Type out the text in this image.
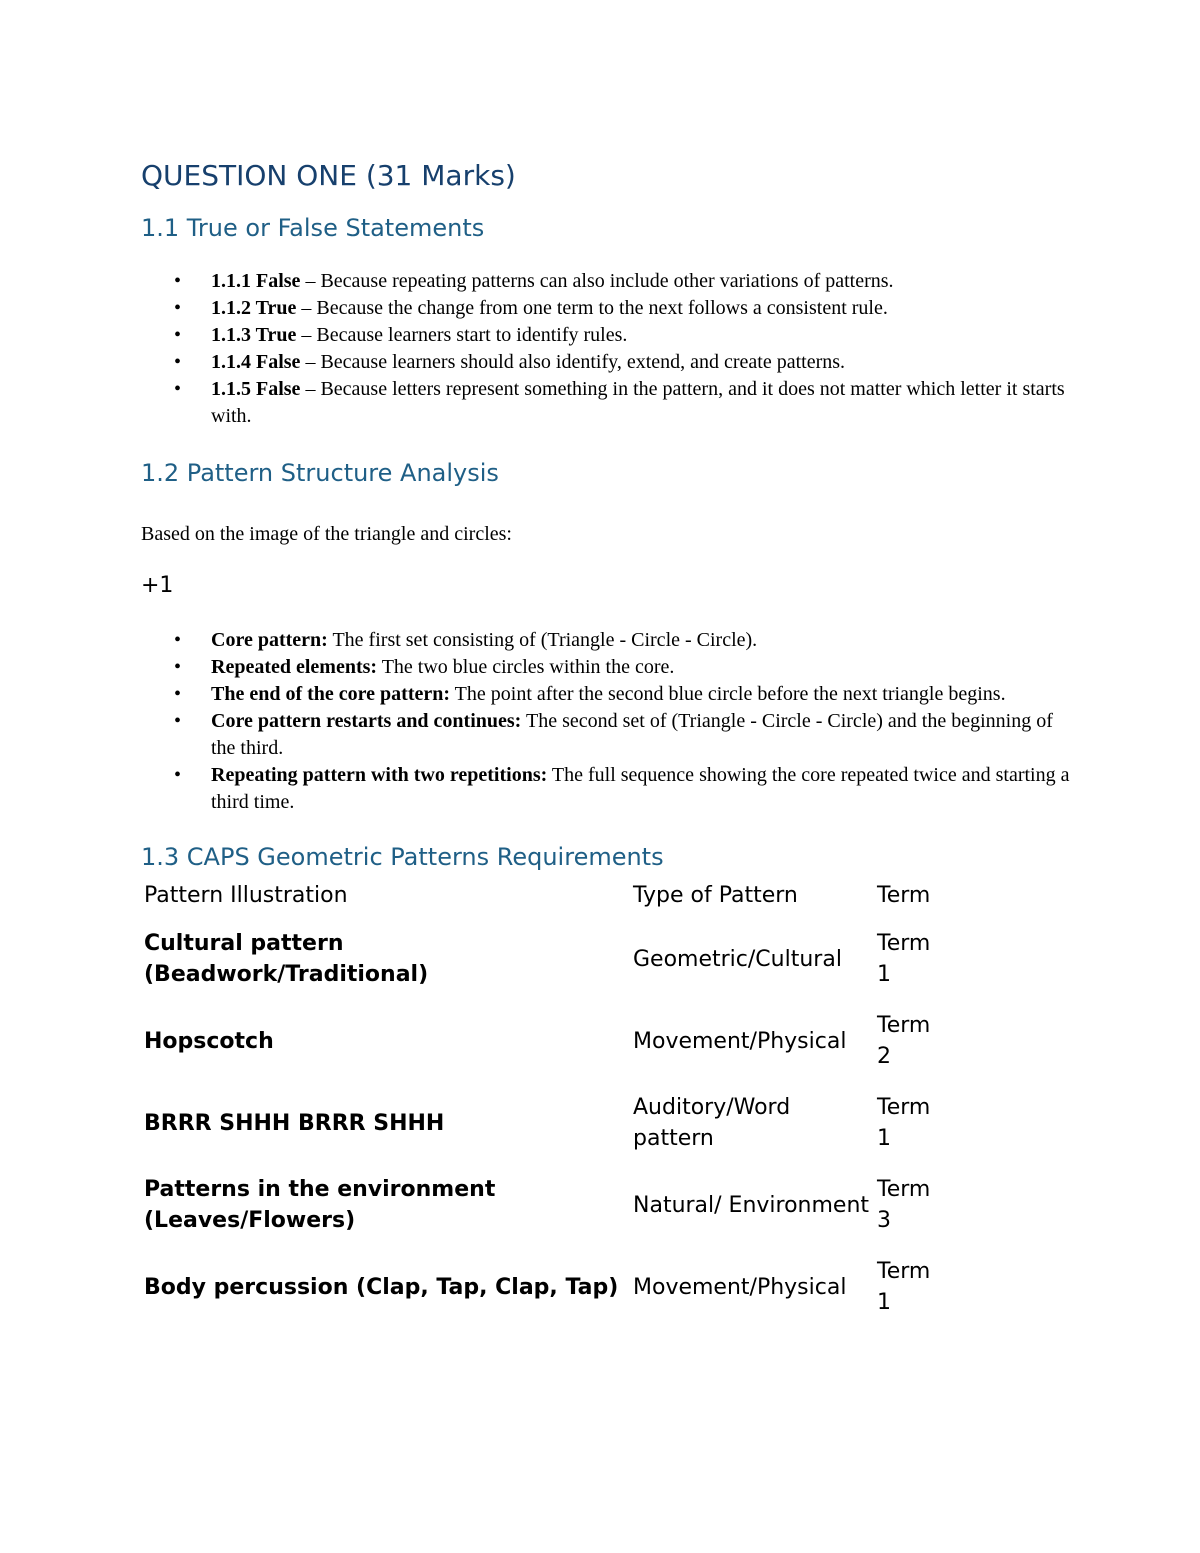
QUESTION ONE (31 Marks)
1.1 True or False Statements
• 1.1.1 False – Because repeating patterns can also include other variations of patterns.
• 1.1.2 True – Because the change from one term to the next follows a consistent rule.
• 1.1.3 True – Because learners start to identify rules.
• 1.1.4 False – Because learners should also identify, extend, and create patterns.
• 1.1.5 False – Because letters represent something in the pattern, and it does not matter which letter it starts with.
1.2 Pattern Structure Analysis

Based on the image of the triangle and circles:

+1

• Core pattern: The first set consisting of (Triangle - Circle - Circle).
• Repeated elements: The two blue circles within the core.
• The end of the core pattern: The point after the second blue circle before the next triangle begins.
• Core pattern restarts and continues: The second set of (Triangle - Circle - Circle) and the beginning of the third.
• Repeating pattern with two repetitions: The full sequence showing the core repeated twice and starting a third time.
1.3 CAPS Geometric Patterns Requirements
Pattern Illustration	Type of Pattern	Term
Cultural pattern (Beadwork/Traditional)	Geometric/Cultural	Term 1
Hopscotch	Movement/Physical	Term 2
BRRR SHHH BRRR SHHH	Auditory/Word pattern	Term 1
Patterns in the environment (Leaves/Flowers)	Natural/ Environment	Term 3
Body percussion (Clap, Tap, Clap, Tap)	Movement/Physical	Term 1
